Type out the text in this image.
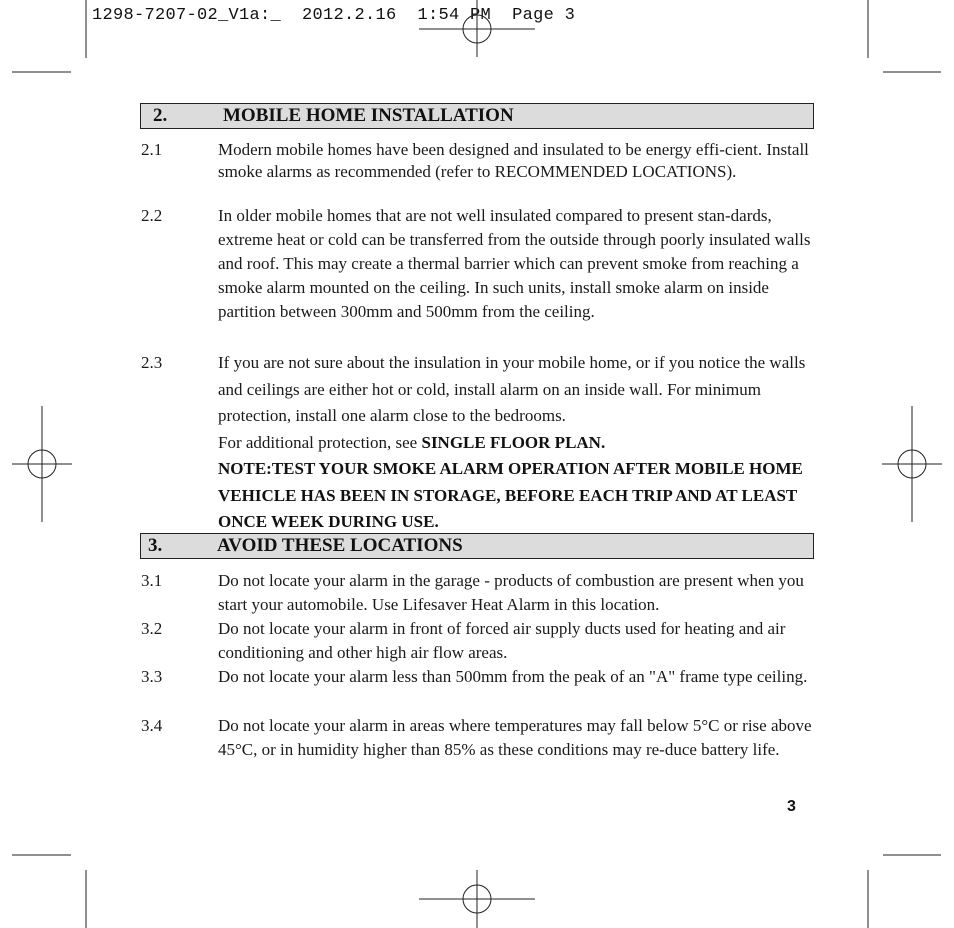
1298-7207-02_V1a:_  2012.2.16  1:54 PM  Page 3
2.	MOBILE HOME INSTALLATION
2.1	Modern mobile homes have been designed and insulated to be energy effi-cient. Install smoke alarms as recommended (refer to RECOMMENDED LOCATIONS).
2.2	In older mobile homes that are not well insulated compared to present stan-dards, extreme heat or cold can be transferred from the outside through poorly insulated walls and roof. This may create a thermal barrier which can prevent smoke from reaching a smoke alarm mounted on the ceiling. In such units, install smoke alarm on inside partition between 300mm and 500mm from the ceiling.
2.3	If you are not sure about the insulation in your mobile home, or if you notice the walls and ceilings are either hot or cold, install alarm on an inside wall. For minimum protection, install one alarm close to the bedrooms.
For additional protection, see SINGLE FLOOR PLAN.
NOTE:TEST YOUR SMOKE ALARM OPERATION AFTER MOBILE HOME VEHICLE HAS BEEN IN STORAGE, BEFORE EACH TRIP AND AT LEAST ONCE WEEK DURING USE.
3.	AVOID THESE LOCATIONS
3.1	Do not locate your alarm in the garage - products of combustion are present when you start your automobile. Use Lifesaver Heat Alarm in this location.
3.2	Do not locate your alarm in front of forced air supply ducts used for heating and air conditioning and other high air flow areas.
3.3	Do not locate your alarm less than 500mm from the peak of an "A" frame type ceiling.
3.4	Do not locate your alarm in areas where temperatures may fall below 5°C or rise above 45°C, or in humidity higher than 85% as these conditions may re-duce battery life.
3
